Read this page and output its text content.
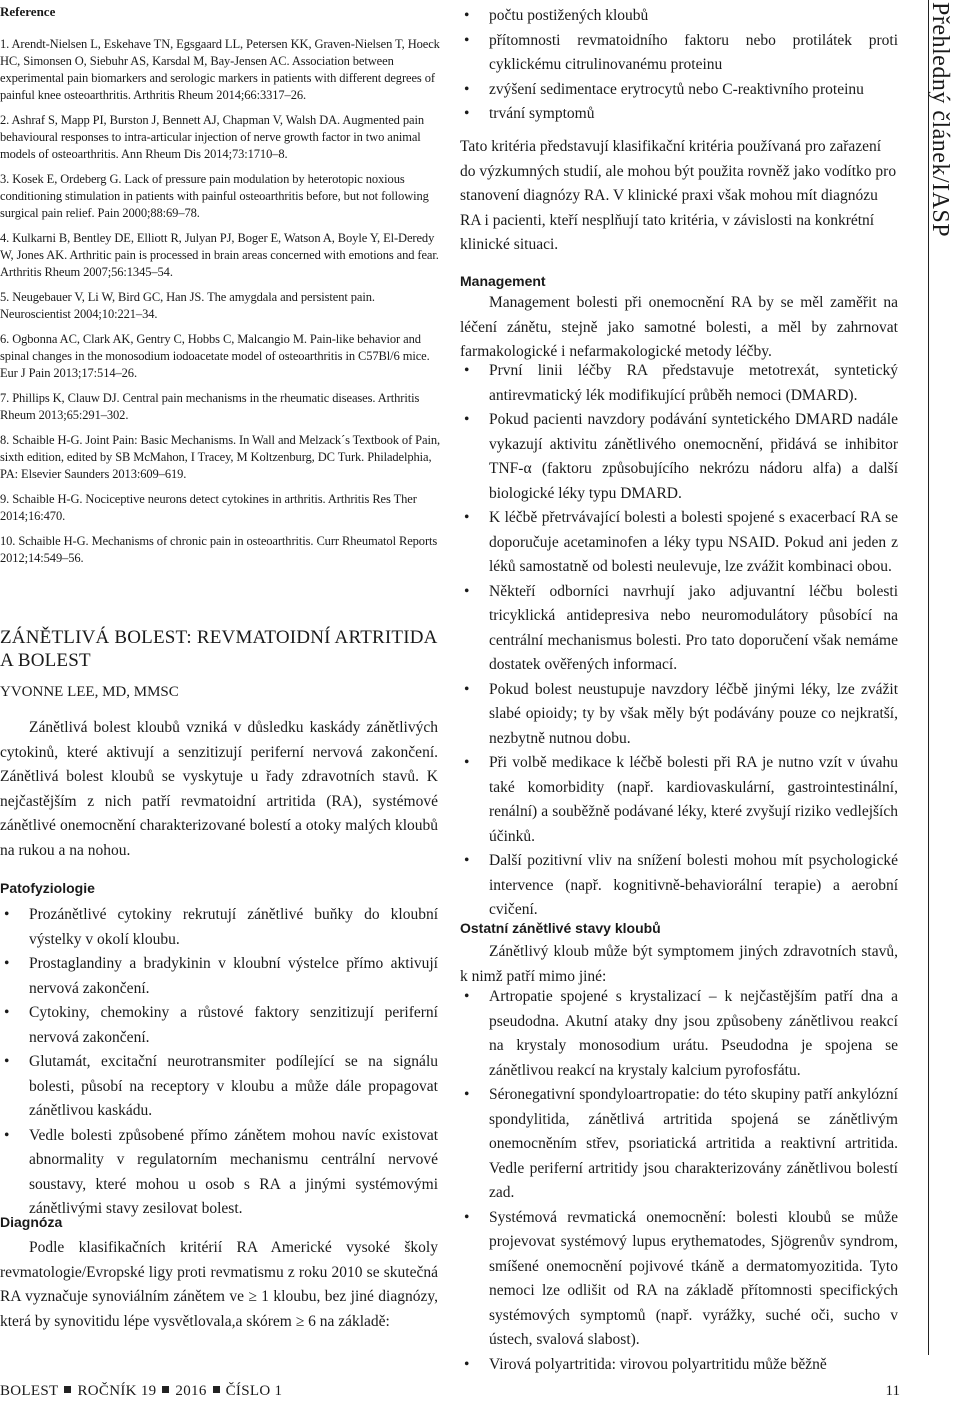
Reference

1. Arendt-Nielsen L, Eskehave TN, Egsgaard LL, Petersen KK, Graven-Nielsen T, Hoeck HC, Simonsen O, Siebuhr AS, Karsdal M, Bay-Jensen AC. Association between experimental pain biomarkers and serologic markers in patients with different degrees of painful knee osteoarthritis. Arthritis Rheum 2014;66:3317–26.

2. Ashraf S, Mapp PI, Burston J, Bennett AJ, Chapman V, Walsh DA. Augmented pain behavioural responses to intra-articular injection of nerve growth factor in two animal models of osteoarthritis. Ann Rheum Dis 2014;73:1710–8.

3. Kosek E, Ordeberg G. Lack of pressure pain modulation by heterotopic noxious conditioning stimulation in patients with painful osteoarthritis before, but not following surgical pain relief. Pain 2000;88:69–78.

4. Kulkarni B, Bentley DE, Elliott R, Julyan PJ, Boger E, Watson A, Boyle Y, El-Deredy W, Jones AK. Arthritic pain is processed in brain areas concerned with emotions and fear. Arthritis Rheum 2007;56:1345–54.

5. Neugebauer V, Li W, Bird GC, Han JS. The amygdala and persistent pain. Neuroscientist 2004;10:221–34.

6. Ogbonna AC, Clark AK, Gentry C, Hobbs C, Malcangio M. Pain-like behavior and spinal changes in the monosodium iodoacetate model of osteoarthritis in C57Bl/6 mice. Eur J Pain 2013;17:514–26.

7. Phillips K, Clauw DJ. Central pain mechanisms in the rheumatic diseases. Arthritis Rheum 2013;65:291–302.

8. Schaible H-G. Joint Pain: Basic Mechanisms. In Wall and Melzack´s Textbook of Pain, sixth edition, edited by SB McMahon, I Tracey, M Koltzenburg, DC Turk. Philadelphia, PA: Elsevier Saunders 2013:609–619.

9. Schaible H-G. Nociceptive neurons detect cytokines in arthritis. Arthritis Res Ther 2014;16:470.

10. Schaible H-G. Mechanisms of chronic pain in osteoarthritis. Curr Rheumatol Reports 2012;14:549–56.

ZÁNĚTLIVÁ BOLEST: REVMATOIDNÍ ARTRITIDA A BOLEST

YVONNE LEE, MD, MMSC

Zánětlivá bolest kloubů vzniká v důsledku kaskády zánětlivých cytokinů, které aktivují a senzitizují periferní nervová zakončení. Zánětlivá bolest kloubů se vyskytuje u řady zdravotních stavů. K nejčastějším z nich patří revmatoidní artritida (RA), systémové zánětlivé onemocnění charakterizované bolestí a otoky malých kloubů na rukou a na nohou.

Patofyziologie
• Prozánětlivé cytokiny rekrutují zánětlivé buňky do kloubní výstelky v okolí kloubu.
• Prostaglandiny a bradykinin v kloubní výstelce přímo aktivují nervová zakončení.
• Cytokiny, chemokiny a růstové faktory senzitizují periferní nervová zakončení.
• Glutamát, excitační neurotransmiter podílející se na signálu bolesti, působí na receptory v kloubu a může dále propagovat zánětlivou kaskádu.
• Vedle bolesti způsobené přímo zánětem mohou navíc existovat abnormality v regulatorním mechanismu centrální nervové soustavy, které mohou u osob s RA a jinými systémovými zánětlivými stavy zesilovat bolest.
Diagnóza

Podle klasifikačních kritérií RA Americké vysoké školy revmatologie/Evropské ligy proti revmatismu z roku 2010 se skutečná RA vyznačuje synoviálním zánětem ve ≥ 1 kloubu, bez jiné diagnózy, která by synovitidu lépe vysvětlovala,a skórem ≥ 6 na základě:

• počtu postižených kloubů
• přítomnosti revmatoidního faktoru nebo protilátek proti cyklickému citrulinovanému proteinu
• zvýšení sedimentace erytrocytů nebo C-reaktivního proteinu
• trvání symptomů

Tato kritéria představují klasifikační kritéria používaná pro zařazení do výzkumných studií, ale mohou být použita rovněž jako vodítko pro stanovení diagnózy RA. V klinické praxi však mohou mít diagnózu RA i pacienti, kteří nesplňují tato kritéria, v závislosti na konkrétní klinické situaci.

Management

Management bolesti při onemocnění RA by se měl zaměřit na léčení zánětu, stejně jako samotné bolesti, a měl by zahrnovat farmakologické i nefarmakologické metody léčby.

• První linii léčby RA představuje metotrexát, syntetický antirevmatický lék modifikující průběh nemoci (DMARD).
• Pokud pacienti navzdory podávání syntetického DMARD nadále vykazují aktivitu zánětlivého onemocnění, přidává se inhibitor TNF-α (faktoru způsobujícího nekrózu nádoru alfa) a další biologické léky typu DMARD.
• K léčbě přetrvávající bolesti a bolesti spojené s exacerbací RA se doporučuje acetaminofen a léky typu NSAID. Pokud ani jeden z léků samostatně od bolesti neulevuje, lze zvážit kombinaci obou.
• Někteří odborníci navrhují jako adjuvantní léčbu bolesti tricyklická antidepresiva nebo neuromodulátory působící na centrální mechanismus bolesti. Pro tato doporučení však nemáme dostatek ověřených informací.
• Pokud bolest neustupuje navzdory léčbě jinými léky, lze zvážit slabé opioidy; ty by však měly být podávány pouze co nejkratší, nezbytně nutnou dobu.
• Při volbě medikace k léčbě bolesti při RA je nutno vzít v úvahu také komorbidity (např. kardiovaskulární, gastrointestinální, renální) a souběžně podávané léky, které zvyšují riziko vedlejších účinků.
• Další pozitivní vliv na snížení bolesti mohou mít psychologické intervence (např. kognitivně-behaviorální terapie) a aerobní cvičení.
Ostatní zánětlivé stavy kloubů

Zánětlivý kloub může být symptomem jiných zdravotních stavů, k nimž patří mimo jiné:

• Artropatie spojené s krystalizací – k nejčastějším patří dna a pseudodna. Akutní ataky dny jsou způsobeny zánětlivou reakcí na krystaly monosodium urátu. Pseudodna je spojena se zánětlivou reakcí na krystaly kalcium pyrofosfátu.
• Séronegativní spondyloartropatie: do této skupiny patří ankylózní spondylitida, zánětlivá artritida spojená se zánětlivým onemocněním střev, psoriatická artritida a reaktivní artritida. Vedle periferní artritidy jsou charakterizovány zánětlivou bolestí zad.
• Systémová revmatická onemocnění: bolesti kloubů se může projevovat systémový lupus erythematodes, Sjögrenův syndrom, smíšené onemocnění pojivové tkáně a dermatomyozitida. Tyto nemoci lze odlišit od RA na základě přítomnosti specifických systémových symptomů (např. vyrážky, suché oči, sucho v ústech, svalová slabost).
• Virová polyartritida: virovou polyartritidu může běžně
Přehledný článek/IASP
BOLEST ROČNÍK 19 2016 ČÍSLO 1	11
